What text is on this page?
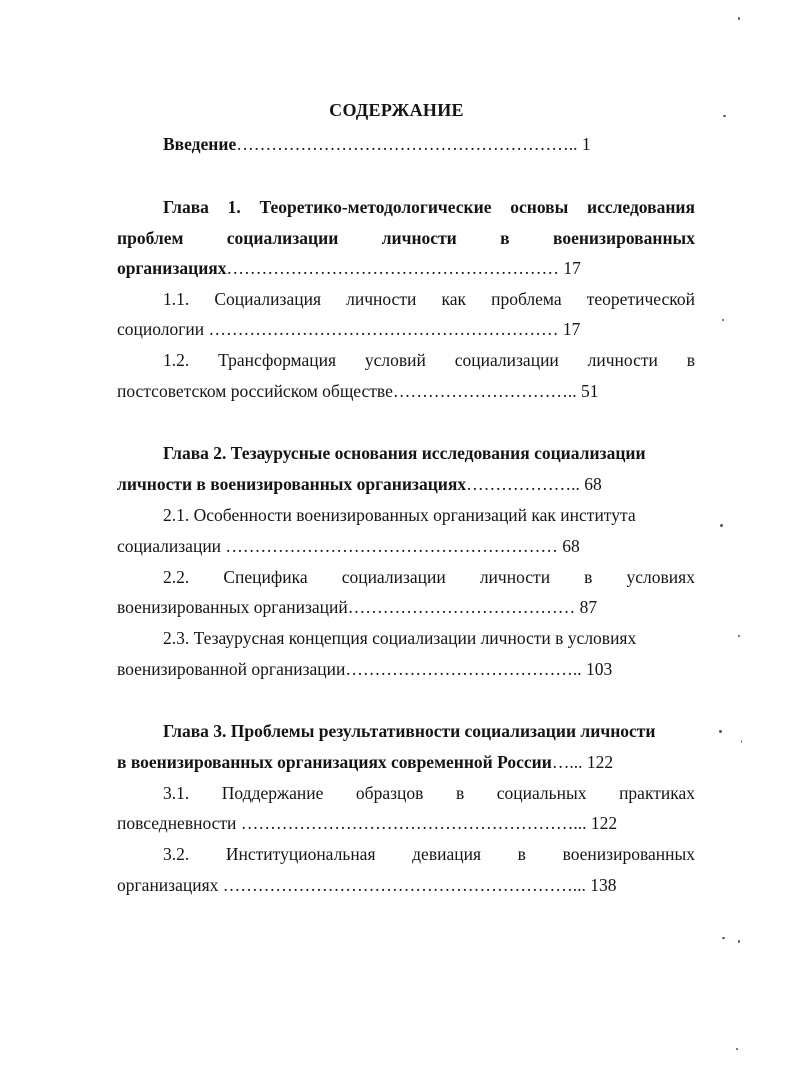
СОДЕРЖАНИЕ
Введение………………………………………………….. 1
Глава 1. Теоретико-методологические основы исследования
проблем социализации личности в военизированных
организациях………………………………………………… 17
1.1. Социализация личности как проблема теоретической
социологии …………………………………………………… 17
1.2. Трансформация условий социализации личности в
постсоветском российском обществе………………………….. 51
Глава 2. Тезаурусные основания исследования социализации
личности в военизированных организациях……………….. 68
2.1. Особенности военизированных организаций как института
социализации ………………………………………………… 68
2.2. Специфика социализации личности в условиях
военизированных организаций………………………………… 87
2.3. Тезаурусная концепция социализации личности в условиях
военизированной организации………………………………….. 103
Глава 3. Проблемы результативности социализации личности
в военизированных организациях современной России…... 122
3.1. Поддержание образцов в социальных практиках
повседневности …………………………………………………... 122
3.2. Институциональная девиация в военизированных
организациях ……………………………………………………... 138
